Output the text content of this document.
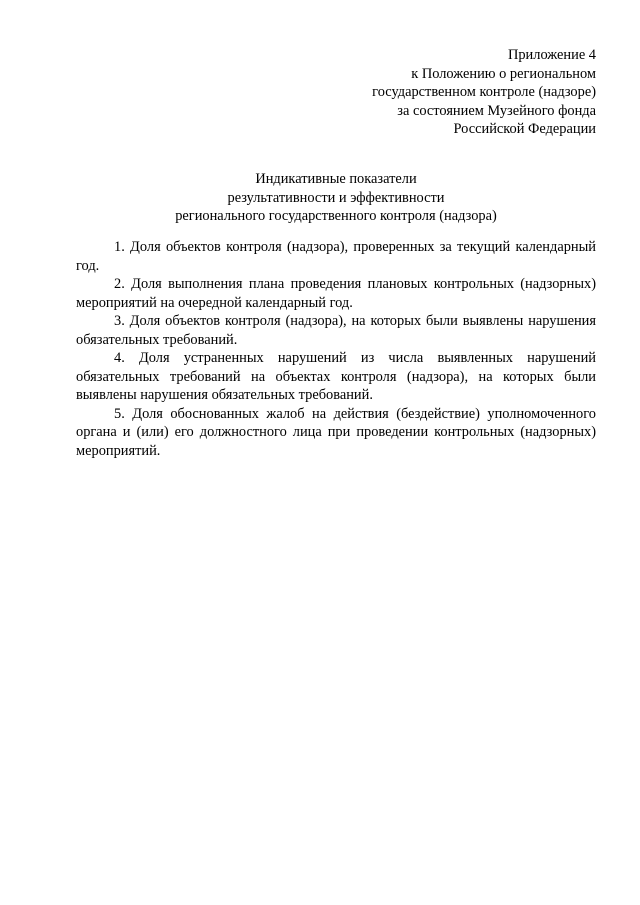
Приложение 4
к Положению о региональном
государственном контроле (надзоре)
за состоянием Музейного фонда
Российской Федерации
Индикативные показатели
результативности и эффективности
регионального государственного контроля (надзора)

1. Доля объектов контроля (надзора), проверенных за текущий календарный год.

2. Доля выполнения плана проведения плановых контрольных (надзорных) мероприятий на очередной календарный год.

3. Доля объектов контроля (надзора), на которых были выявлены нарушения обязательных требований.

4. Доля устраненных нарушений из числа выявленных нарушений обязательных требований на объектах контроля (надзора), на которых были выявлены нарушения обязательных требований.

5. Доля обоснованных жалоб на действия (бездействие) уполномоченного органа и (или) его должностного лица при проведении контрольных (надзорных) мероприятий.
